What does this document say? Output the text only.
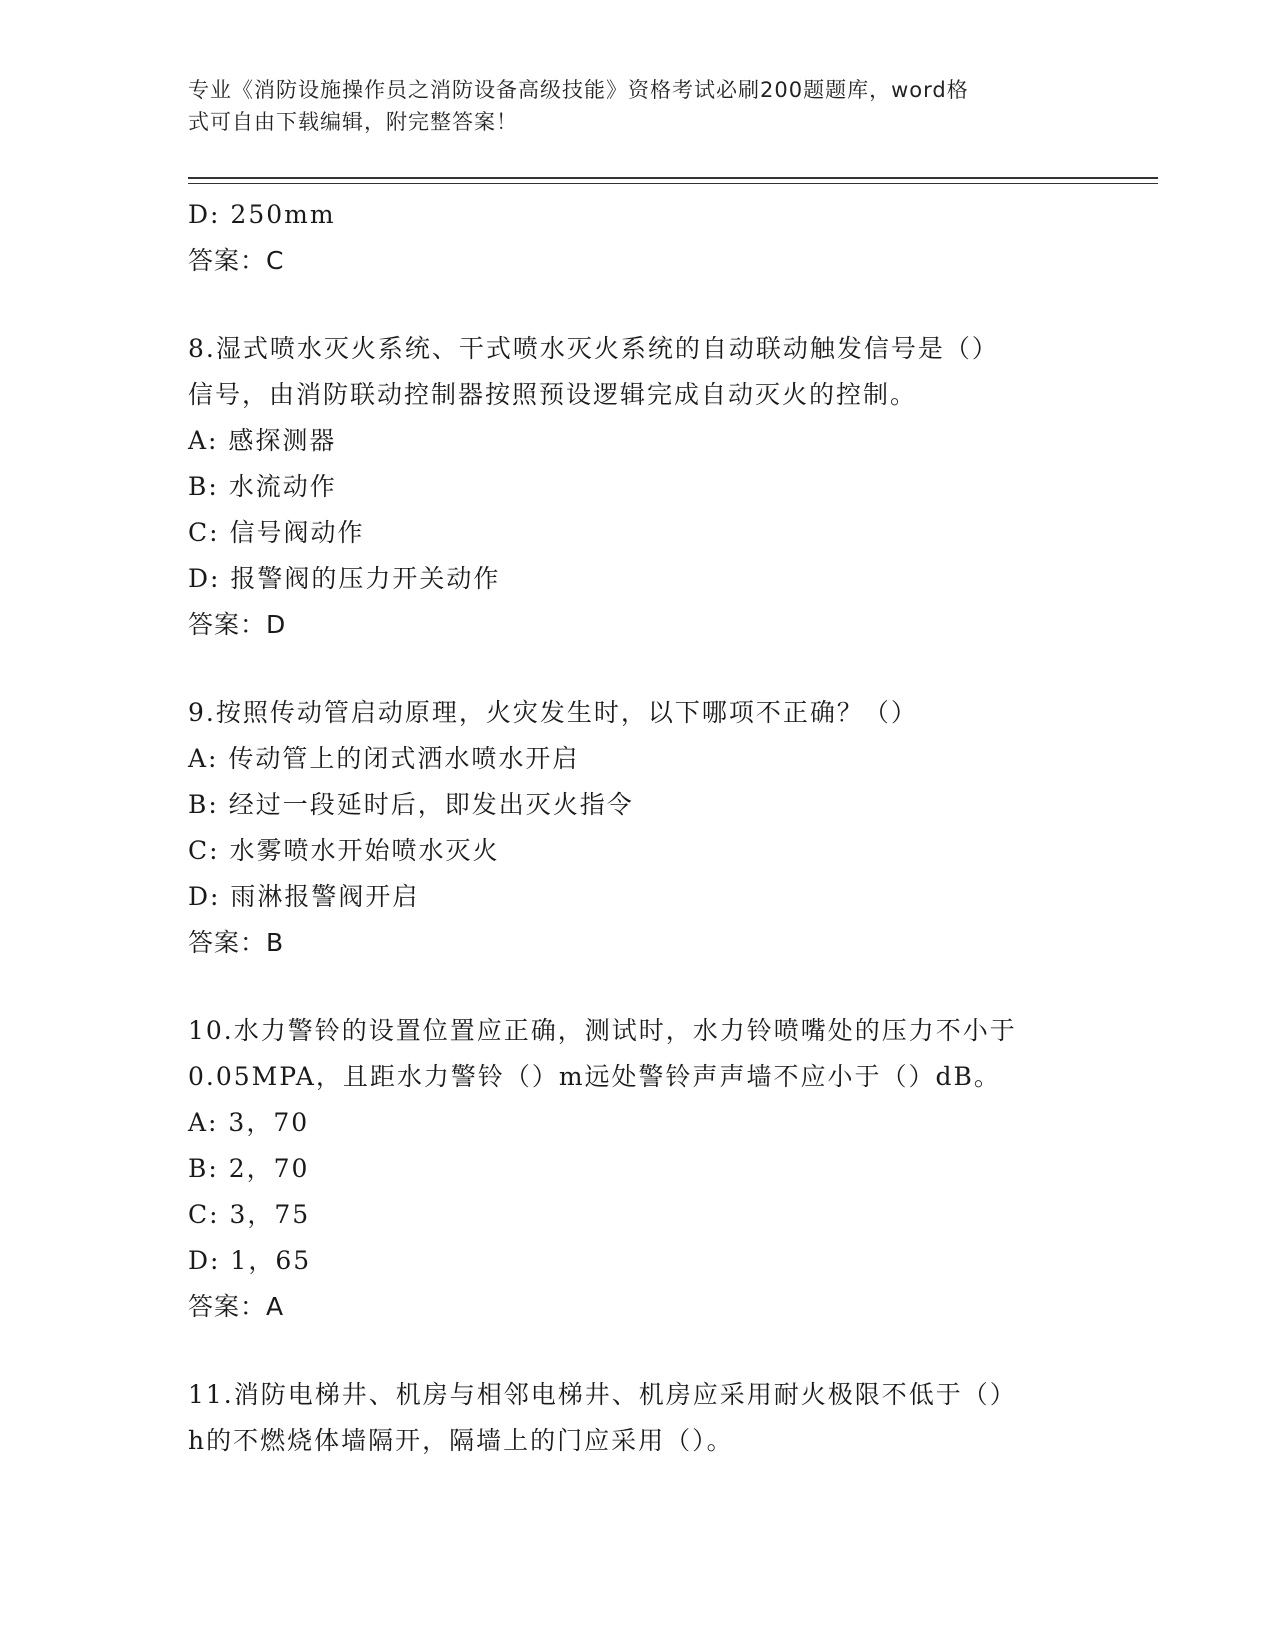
专业《消防设施操作员之消防设备高级技能》资格考试必刷200题题库，word格
式可自由下载编辑，附完整答案！
D: 250mm
答案：C
8.湿式喷水灭火系统、干式喷水灭火系统的自动联动触发信号是（）
信号，由消防联动控制器按照预设逻辑完成自动灭火的控制。
A: 感探测器
B: 水流动作
C: 信号阀动作
D: 报警阀的压力开关动作
答案：D
9.按照传动管启动原理，火灾发生时，以下哪项不正确？（）
A: 传动管上的闭式洒水喷水开启
B: 经过一段延时后，即发出灭火指令
C: 水雾喷水开始喷水灭火
D: 雨淋报警阀开启
答案：B
10.水力警铃的设置位置应正确，测试时，水力铃喷嘴处的压力不小于
0.05MPA，且距水力警铃（）m远处警铃声声墙不应小于（）dB。
A: 3，70
B: 2，70
C: 3，75
D: 1，65
答案：A
11.消防电梯井、机房与相邻电梯井、机房应采用耐火极限不低于（）
h的不燃烧体墙隔开，隔墙上的门应采用（）。
